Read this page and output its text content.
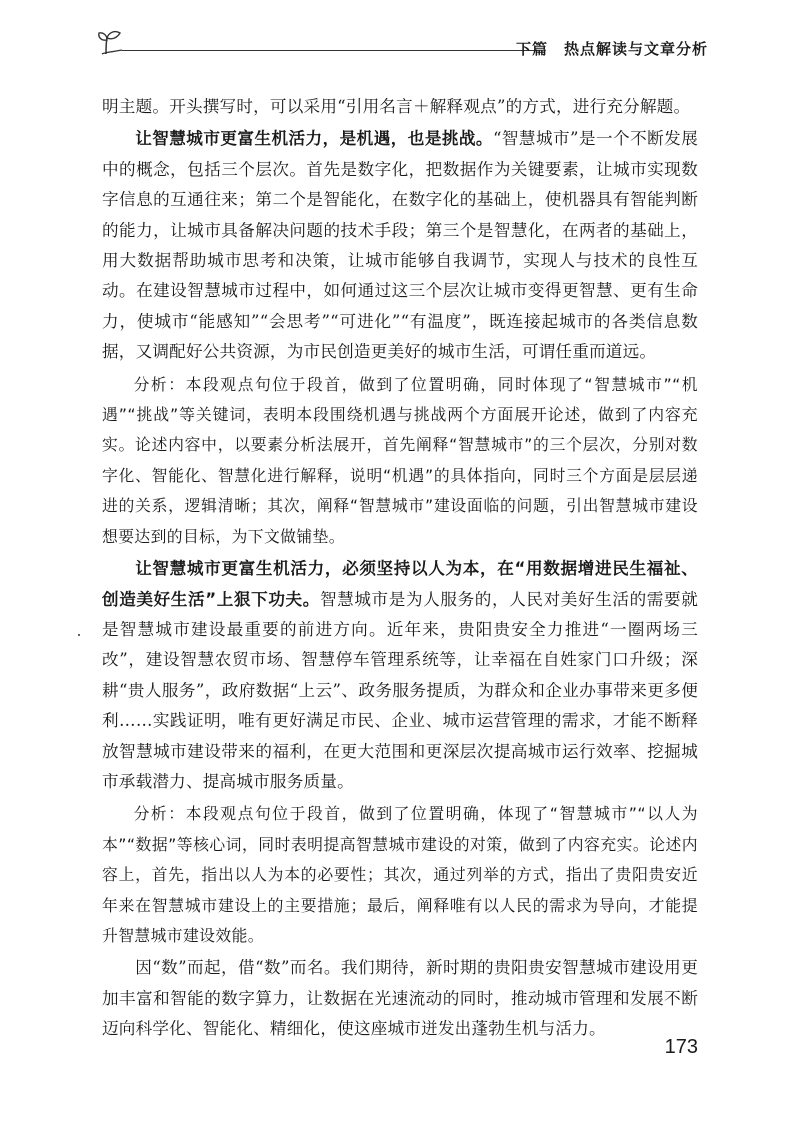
下篇　热点解读与文章分析

明主题。开头撰写时，可以采用“引用名言＋解释观点”的方式，进行充分解题。

让智慧城市更富生机活力，是机遇，也是挑战。“智慧城市”是一个不断发展中的概念，包括三个层次。首先是数字化，把数据作为关键要素，让城市实现数字信息的互通往来；第二个是智能化，在数字化的基础上，使机器具有智能判断的能力，让城市具备解决问题的技术手段；第三个是智慧化，在两者的基础上，用大数据帮助城市思考和决策，让城市能够自我调节，实现人与技术的良性互动。在建设智慧城市过程中，如何通过这三个层次让城市变得更智慧、更有生命力，使城市“能感知”“会思考”“可进化”“有温度”，既连接起城市的各类信息数据，又调配好公共资源，为市民创造更美好的城市生活，可谓任重而道远。

分析：本段观点句位于段首，做到了位置明确，同时体现了“智慧城市”“机遇”“挑战”等关键词，表明本段围绕机遇与挑战两个方面展开论述，做到了内容充实。论述内容中，以要素分析法展开，首先阐释“智慧城市”的三个层次，分别对数字化、智能化、智慧化进行解释，说明“机遇”的具体指向，同时三个方面是层层递进的关系，逻辑清晰；其次，阐释“智慧城市”建设面临的问题，引出智慧城市建设想要达到的目标，为下文做铺垫。

让智慧城市更富生机活力，必须坚持以人为本，在“用数据增进民生福祉、创造美好生活”上狠下功夫。智慧城市是为人服务的，人民对美好生活的需要就是智慧城市建设最重要的前进方向。近年来，贵阳贵安全力推进“一圈两场三改”，建设智慧农贸市场、智慧停车管理系统等，让幸福在自姓家门口升级；深耕“贵人服务”，政府数据“上云”、政务服务提质，为群众和企业办事带来更多便利……实践证明，唯有更好满足市民、企业、城市运营管理的需求，才能不断释放智慧城市建设带来的福利，在更大范围和更深层次提高城市运行效率、挖掘城市承载潜力、提高城市服务质量。

分析：本段观点句位于段首，做到了位置明确，体现了“智慧城市”“以人为本”“数据”等核心词，同时表明提高智慧城市建设的对策，做到了内容充实。论述内容上，首先，指出以人为本的必要性；其次，通过列举的方式，指出了贵阳贵安近年来在智慧城市建设上的主要措施；最后，阐释唯有以人民的需求为导向，才能提升智慧城市建设效能。

因“数”而起，借“数”而名。我们期待，新时期的贵阳贵安智慧城市建设用更加丰富和智能的数字算力，让数据在光速流动的同时，推动城市管理和发展不断迈向科学化、智能化、精细化，使这座城市迸发出蓬勃生机与活力。

173
